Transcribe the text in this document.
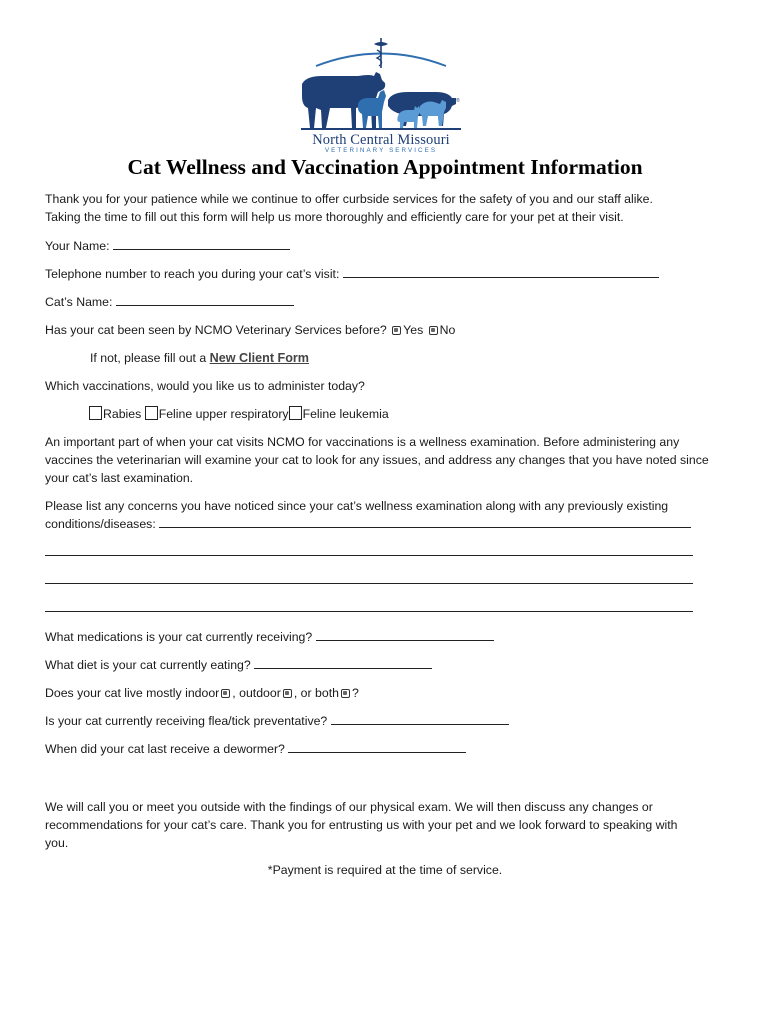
®
North Central Missouri
VETERINARY SERVICES
Cat Wellness and Vaccination Appointment Information
Thank you for your patience while we continue to offer curbside services for the safety of you and our staff alike.
Taking the time to fill out this form will help us more thoroughly and efficiently care for your pet at their visit.
Your Name:
Telephone number to reach you during your cat’s visit:
Cat’s Name:
Has your cat been seen by NCMO Veterinary Services before? Yes No
If not, please fill out a New Client Form
Which vaccinations, would you like us to administer today?
Rabies Feline upper respiratory Feline leukemia
An important part of when your cat visits NCMO for vaccinations is a wellness examination. Before administering any
vaccines the veterinarian will examine your cat to look for any issues, and address any changes that you have noted since
your cat’s last examination.
Please list any concerns you have noticed since your cat’s wellness examination along with any previously existing
conditions/diseases:
What medications is your cat currently receiving?
What diet is your cat currently eating?
Does your cat live mostly indoor , outdoor , or both ?
Is your cat currently receiving flea/tick preventative?
When did your cat last receive a dewormer?
We will call you or meet you outside with the findings of our physical exam. We will then discuss any changes or
recommendations for your cat’s care. Thank you for entrusting us with your pet and we look forward to speaking with
you.
*Payment is required at the time of service.
